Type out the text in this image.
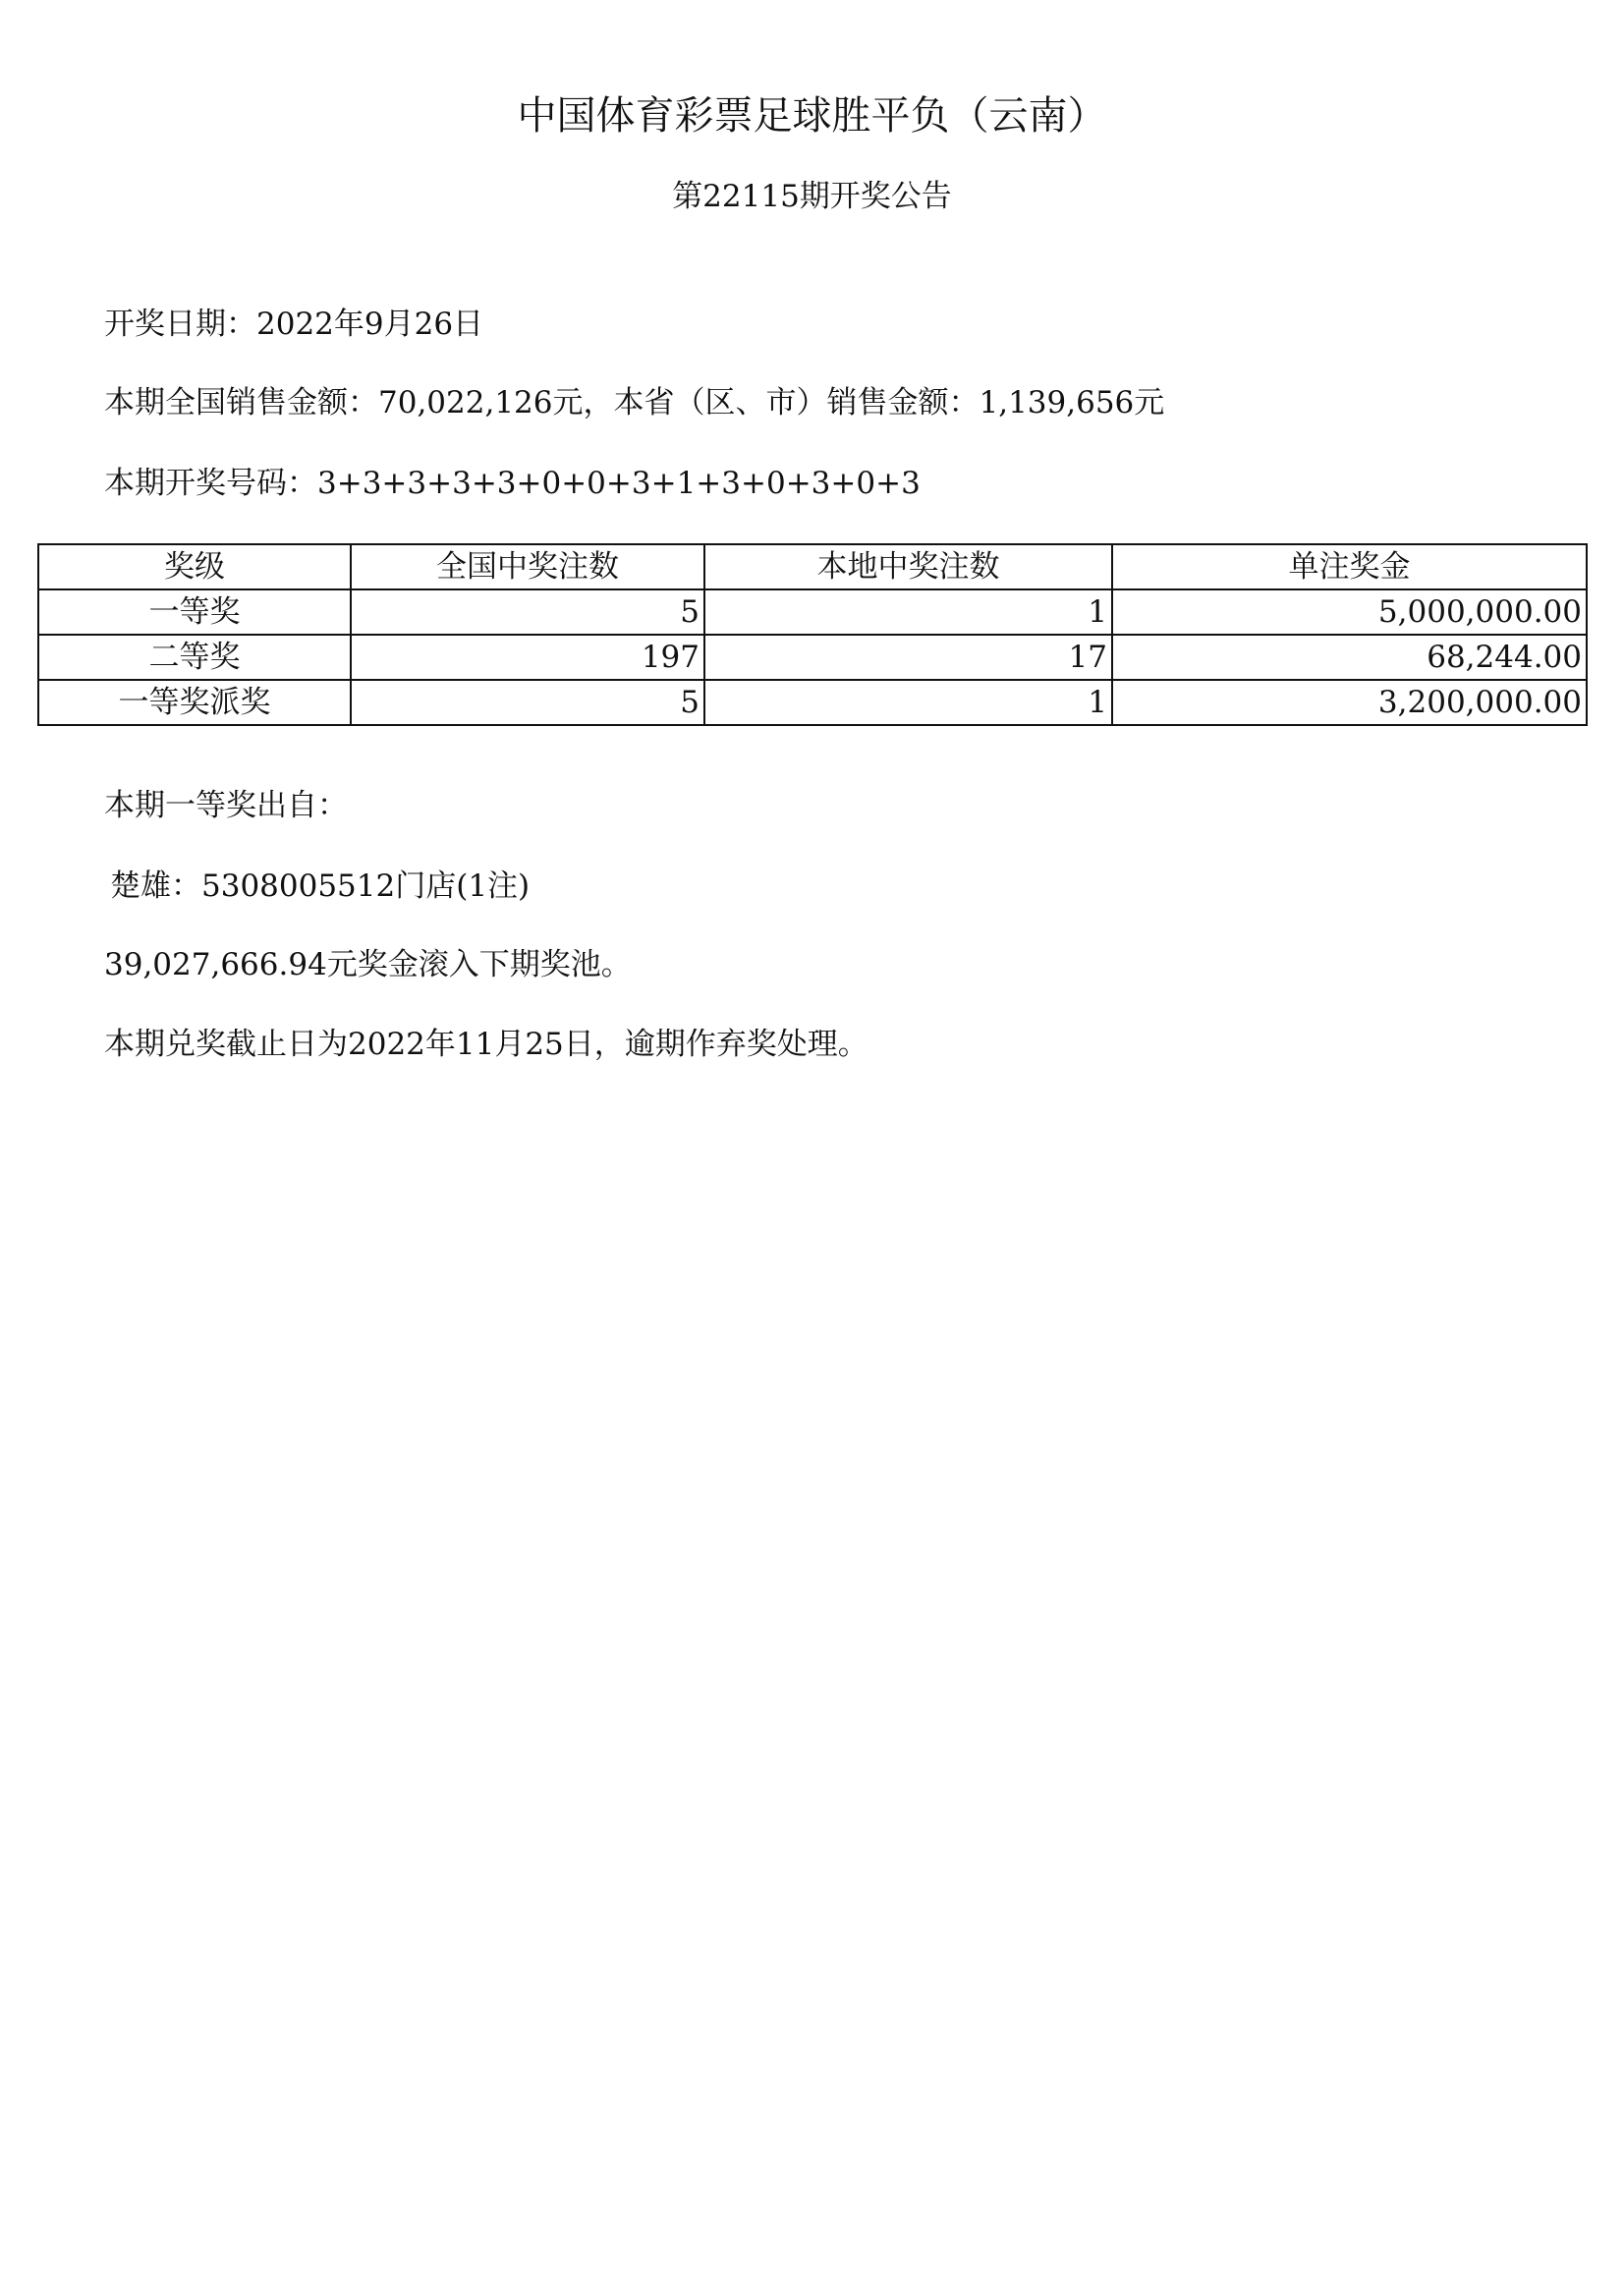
中国体育彩票足球胜平负（云南）
第22115期开奖公告
开奖日期：2022年9月26日
本期全国销售金额：70,022,126元，本省（区、市）销售金额：1,139,656元
本期开奖号码：3+3+3+3+3+0+0+3+1+3+0+3+0+3
奖级	全国中奖注数	本地中奖注数	单注奖金
一等奖	5	1	5,000,000.00
二等奖	197	17	68,244.00
一等奖派奖	5	1	3,200,000.00
本期一等奖出自：
楚雄：5308005512门店(1注)
39,027,666.94元奖金滚入下期奖池。
本期兑奖截止日为2022年11月25日，逾期作弃奖处理。
